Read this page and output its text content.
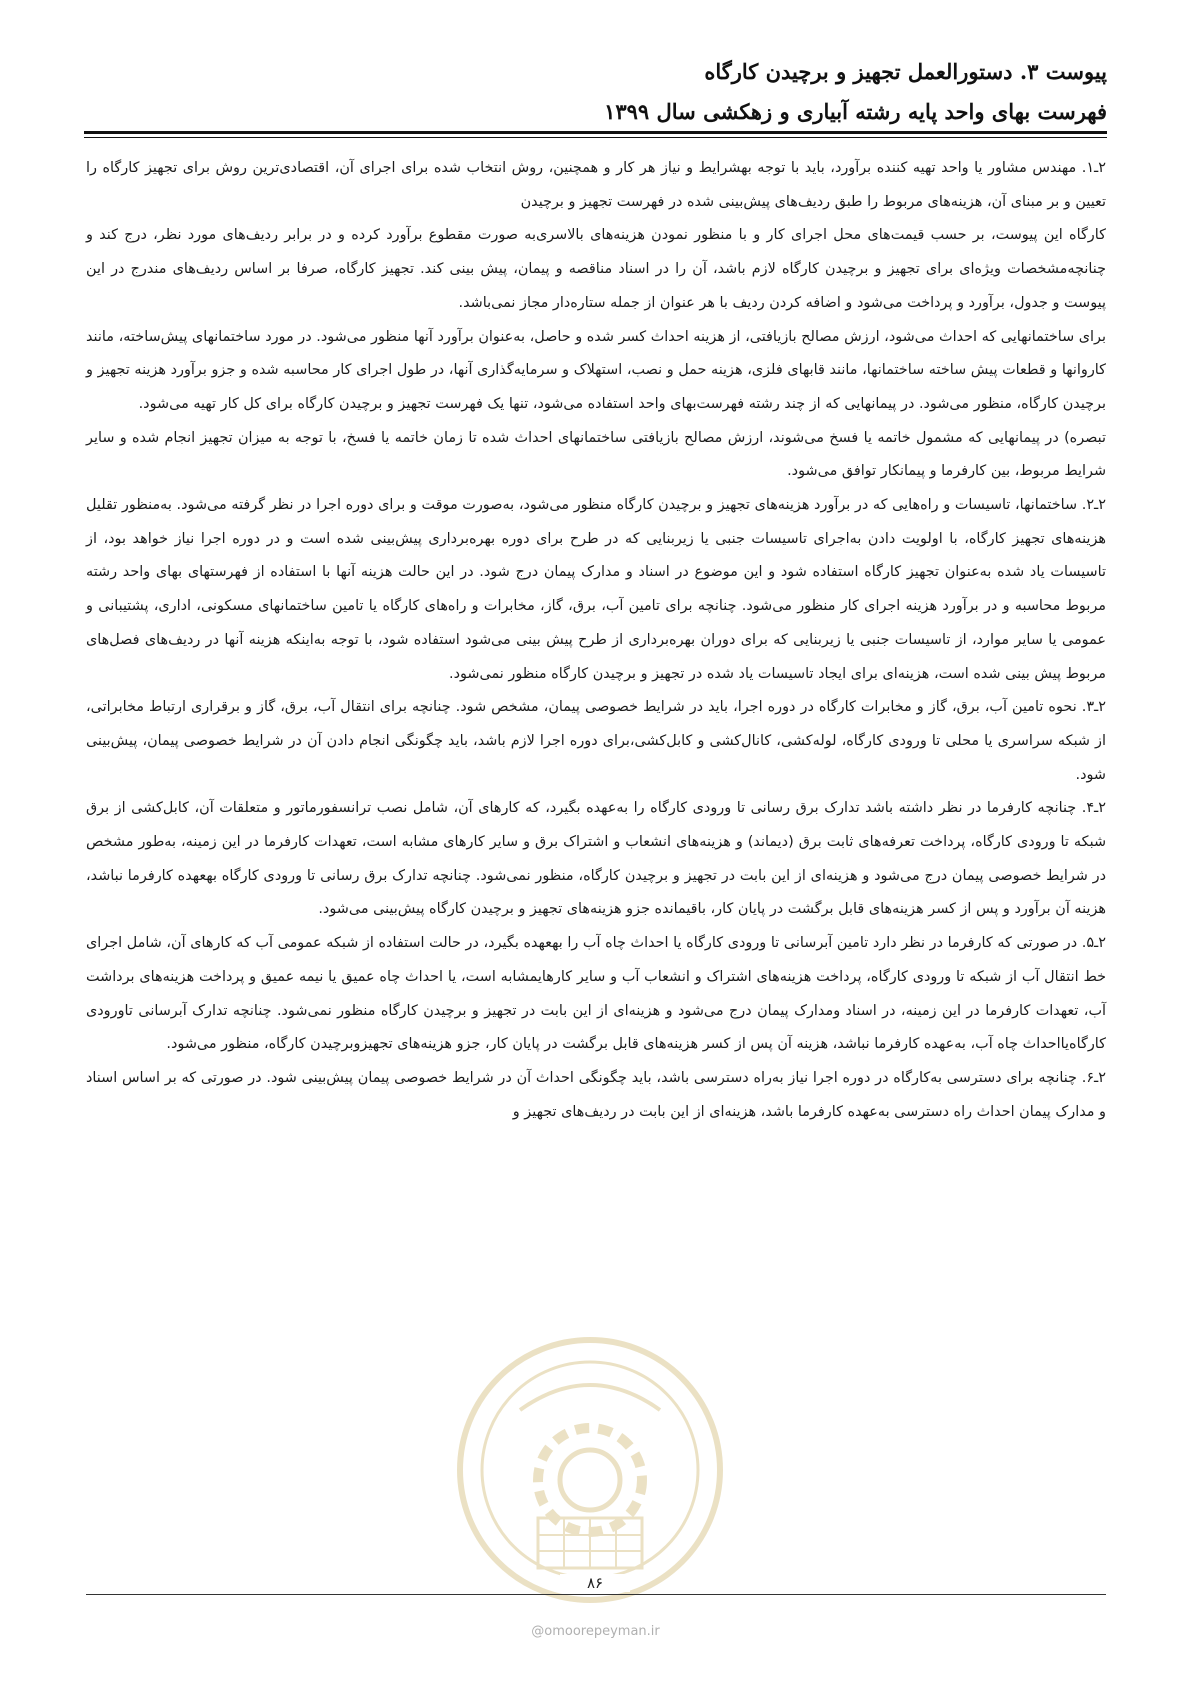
پیوست ۳. دستورالعمل تجهیز و برچیدن کارگاه
فهرست بهای واحد پایه رشته آبیاری و زهکشی سال ۱۳۹۹

۲ـ۱. مهندس مشاور یا واحد تهیه کننده برآورد، باید با توجه بهشرایط و نیاز هر کار و همچنین، روش انتخاب شده برای اجرای آن، اقتصادی‌ترین روش برای تجهیز کارگاه را تعیین و بر مبنای آن، هزینه‌های مربوط را طبق ردیف‌های پیش‌بینی شده در فهرست تجهیز و برچیدن

کارگاه این پیوست، بر حسب قیمت‌های محل اجرای کار و با منظور نمودن هزینه‌های بالاسری‌به صورت مقطوع برآورد کرده و در برابر ردیف‌های مورد نظر، درج کند و چنانچه‌مشخصات ویژه‌ای برای تجهیز و برچیدن کارگاه لازم باشد، آن را در اسناد مناقصه و پیمان، پیش بینی کند. تجهیز کارگاه، صرفا بر اساس ردیف‌های مندرج در این پیوست و جدول، برآورد و پرداخت می‌شود و اضافه کردن ردیف با هر عنوان از جمله ستاره‌دار مجاز نمی‌باشد.

برای ساختمانهایی که احداث می‌شود، ارزش مصالح بازیافتی، از هزینه احداث کسر شده و حاصل، به‌عنوان برآورد آنها منظور می‌شود. در مورد ساختمانهای پیش‌ساخته، مانند کاروانها و قطعات پیش ساخته ساختمانها، مانند قابهای فلزی، هزینه حمل و نصب، استهلاک و سرمایه‌گذاری آنها، در طول اجرای کار محاسبه شده و جزو برآورد هزینه تجهیز و برچیدن کارگاه، منظور می‌شود. در پیمانهایی که از چند رشته فهرست‌بهای واحد استفاده می‌شود، تنها یک فهرست تجهیز و برچیدن کارگاه برای کل کار تهیه می‌شود.

تبصره) در پیمانهایی که مشمول خاتمه یا فسخ می‌شوند، ارزش مصالح بازیافتی ساختمانهای احداث شده تا زمان خاتمه یا فسخ، با توجه به میزان تجهیز انجام شده و سایر شرایط مربوط، بین کارفرما و پیمانکار توافق می‌شود.

۲ـ۲. ساختمانها، تاسیسات و راه‌هایی که در برآورد هزینه‌های تجهیز و برچیدن کارگاه منظور می‌شود، به‌صورت موقت و برای دوره اجرا در نظر گرفته می‌شود. به‌منظور تقلیل هزینه‌های تجهیز کارگاه، با اولویت دادن به‌اجرای تاسیسات جنبی یا زیربنایی که در طرح برای دوره بهره‌برداری پیش‌بینی شده است و در دوره اجرا نیاز خواهد بود، از تاسیسات یاد شده به‌عنوان تجهیز کارگاه استفاده شود و این موضوع در اسناد و مدارک پیمان درج شود. در این حالت هزینه آنها با استفاده از فهرستهای بهای واحد رشته مربوط محاسبه و در برآورد هزینه اجرای کار منظور می‌شود. چنانچه برای تامین آب، برق، گاز، مخابرات و راه‌های کارگاه یا تامین ساختمانهای مسکونی، اداری، پشتیبانی و عمومی یا سایر موارد، از تاسیسات جنبی یا زیربنایی که برای دوران بهره‌برداری از طرح پیش بینی می‌شود استفاده شود، با توجه به‌اینکه هزینه آنها در ردیف‌های فصل‌های مربوط پیش بینی شده است، هزینه‌ای برای ایجاد تاسیسات یاد شده در تجهیز و برچیدن کارگاه منظور نمی‌شود.

۲ـ۳. نحوه تامین آب، برق، گاز و مخابرات کارگاه در دوره اجرا، باید در شرایط خصوصی پیمان، مشخص شود. چنانچه برای انتقال آب، برق، گاز و برقراری ارتباط مخابراتی، از شبکه سراسری یا محلی تا ورودی کارگاه، لوله‌کشی، کانال‌کشی و کابل‌کشی،برای دوره اجرا لازم باشد، باید چگونگی انجام دادن آن در شرایط خصوصی پیمان، پیش‌بینی شود.

۲ـ۴. چنانچه کارفرما در نظر داشته باشد تدارک برق رسانی تا ورودی کارگاه را به‌عهده بگیرد، که کارهای آن، شامل نصب ترانسفورماتور و متعلقات آن، کابل‌کشی از برق شبکه تا ورودی کارگاه، پرداخت تعرفه‌های ثابت برق (دیماند) و هزینه‌های انشعاب و اشتراک برق و سایر کارهای مشابه است، تعهدات کارفرما در این زمینه، به‌طور مشخص در شرایط خصوصی پیمان درج می‌شود و هزینه‌ای از این بابت در تجهیز و برچیدن کارگاه، منظور نمی‌شود. چنانچه تدارک برق رسانی تا ورودی کارگاه بهعهده کارفرما نباشد، هزینه آن برآورد و پس از کسر هزینه‌های قابل برگشت در پایان کار، باقیمانده جزو هزینه‌های تجهیز و برچیدن کارگاه پیش‌بینی می‌شود.

۲ـ۵. در صورتی که کارفرما در نظر دارد تامین آبرسانی تا ورودی کارگاه یا احداث چاه آب را بهعهده بگیرد، در حالت استفاده از شبکه عمومی آب که کارهای آن، شامل اجرای خط انتقال آب از شبکه تا ورودی کارگاه، پرداخت هزینه‌های اشتراک و انشعاب آب و سایر کارهایمشابه است، یا احداث چاه عمیق یا نیمه عمیق و پرداخت هزینه‌های برداشت آب، تعهدات کارفرما در این زمینه، در اسناد ومدارک پیمان درج می‌شود و هزینه‌ای از این بابت در تجهیز و برچیدن کارگاه منظور نمی‌شود. چنانچه تدارک آبرسانی تاورودی کارگاه‌یااحداث چاه آب، به‌عهده کارفرما نباشد، هزینه آن پس از کسر هزینه‌های قابل برگشت در پایان کار، جزو هزینه‌های تجهیزوبرچیدن کارگاه، منظور می‌شود.

۲ـ۶. چنانچه برای دسترسی به‌کارگاه در دوره اجرا نیاز به‌راه دسترسی باشد، باید چگونگی احداث آن در شرایط خصوصی پیمان پیش‌بینی شود. در صورتی که بر اساس اسناد و مدارک پیمان احداث راه دسترسی به‌عهده کارفرما باشد، هزینه‌ای از این بابت در ردیف‌های تجهیز و

۸۶
@omoorepeyman.ir
